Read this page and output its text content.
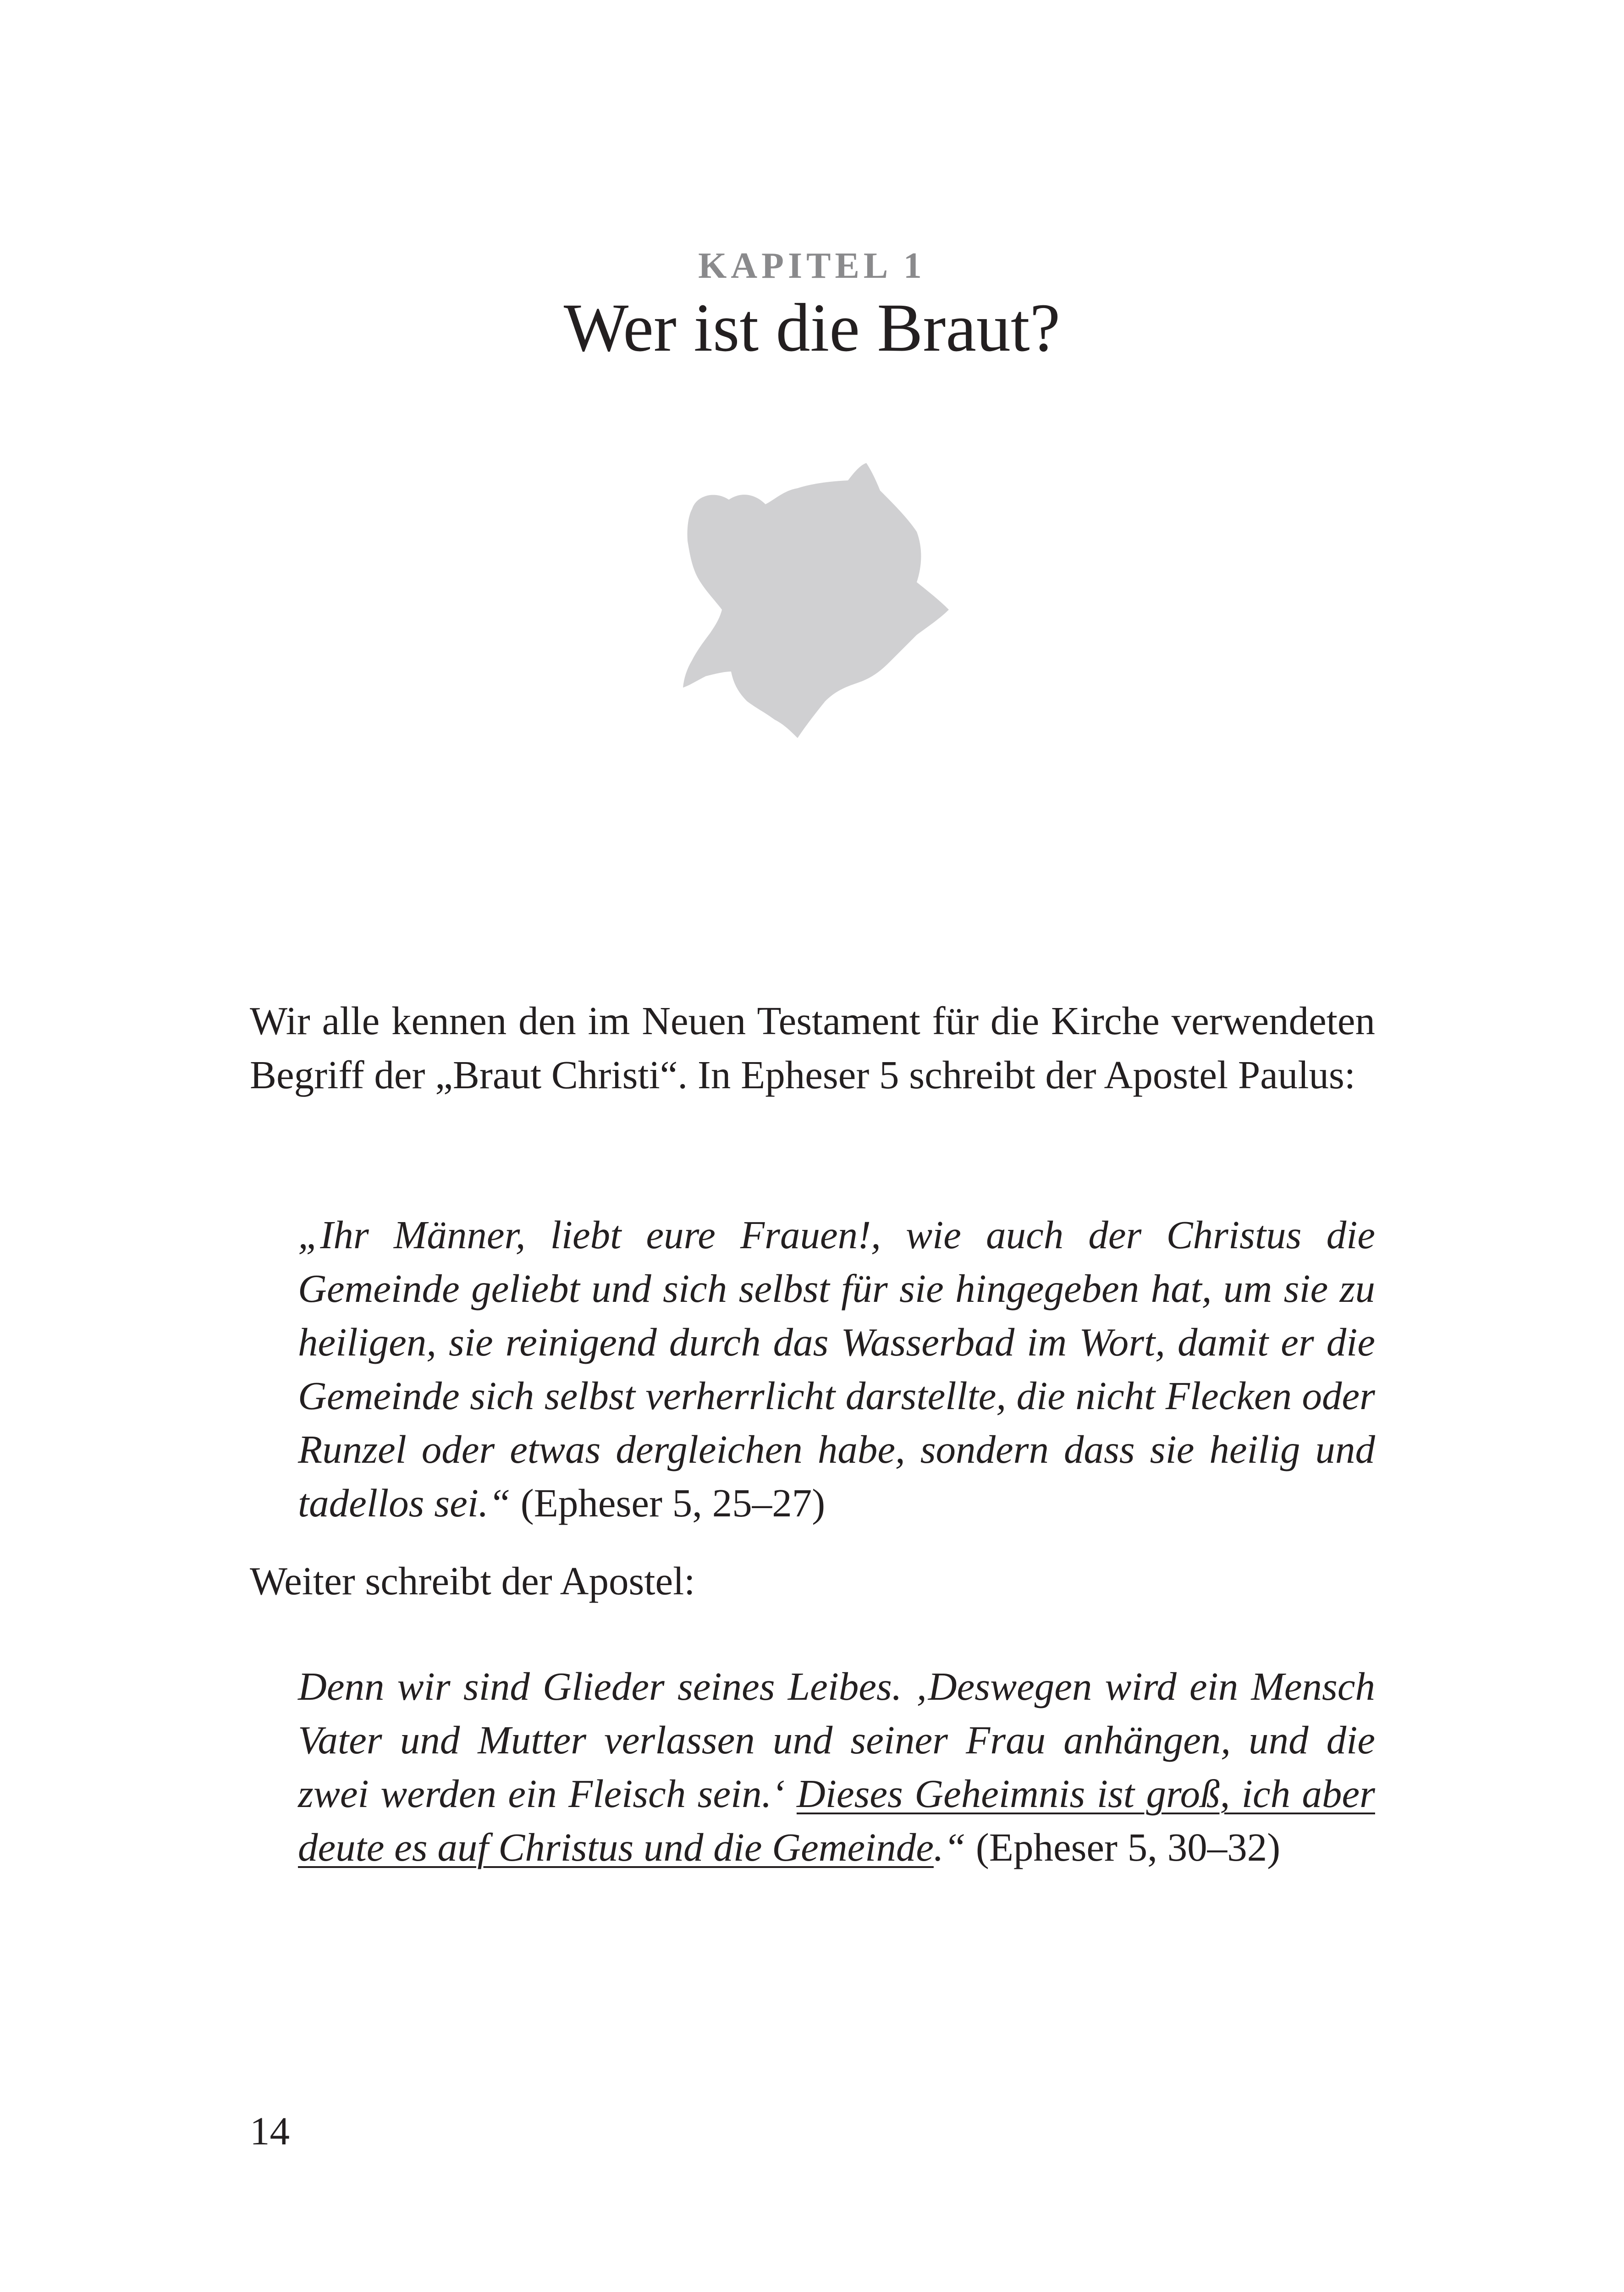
KAPITEL 1
Wer ist die Braut?
Wir alle kennen den im Neuen Testament für die Kirche verwendeten Begriff der „Braut Christi“. In Epheser 5 schreibt der Apostel Paulus:
„Ihr Männer, liebt eure Frauen!, wie auch der Christus die Gemeinde geliebt und sich selbst für sie hingegeben hat, um sie zu heiligen, sie reinigend durch das Wasserbad im Wort, damit er die Gemeinde sich selbst verherrlicht darstellte, die nicht Flecken oder Runzel oder etwas dergleichen habe, sondern dass sie heilig und tadellos sei.“ (Epheser 5, 25–27)
Weiter schreibt der Apostel:
Denn wir sind Glieder seines Leibes. ‚Deswegen wird ein Mensch Vater und Mutter verlassen und seiner Frau anhängen, und die zwei werden ein Fleisch sein.‘ Dieses Geheimnis ist groß, ich aber deute es auf Christus und die Gemeinde.“ (Epheser 5, 30–32)
14
